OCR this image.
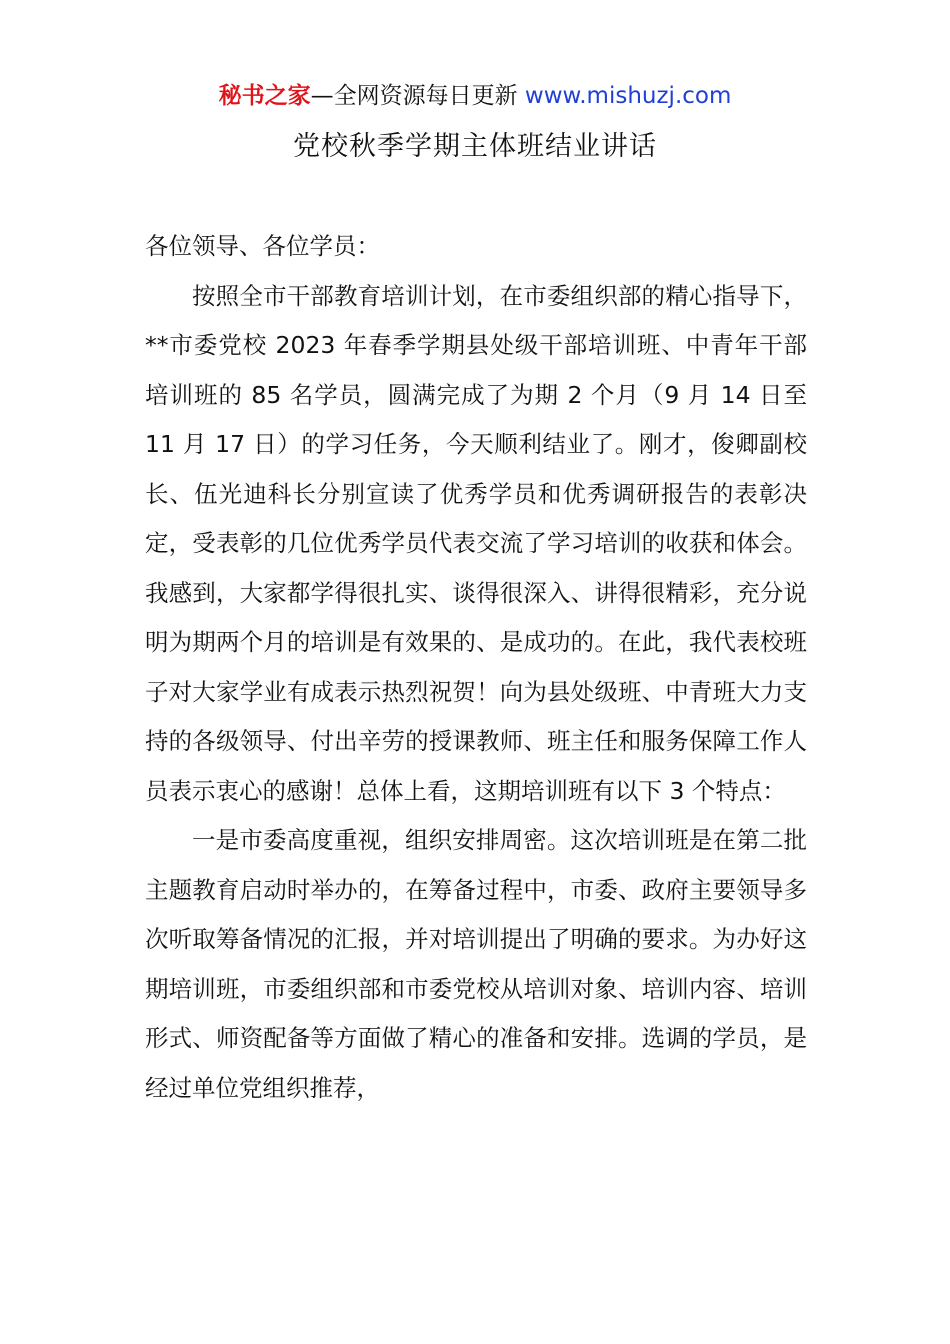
秘书之家—全网资源每日更新 www.mishuzj.com
党校秋季学期主体班结业讲话

各位领导、各位学员：

按照全市干部教育培训计划，在市委组织部的精心指导下，**市委党校 2023 年春季学期县处级干部培训班、中青年干部培训班的 85 名学员，圆满完成了为期 2 个月（9 月 14 日至 11 月 17 日）的学习任务，今天顺利结业了。刚才，俊卿副校长、伍光迪科长分别宣读了优秀学员和优秀调研报告的表彰决定，受表彰的几位优秀学员代表交流了学习培训的收获和体会。我感到，大家都学得很扎实、谈得很深入、讲得很精彩，充分说明为期两个月的培训是有效果的、是成功的。在此，我代表校班子对大家学业有成表示热烈祝贺！向为县处级班、中青班大力支持的各级领导、付出辛劳的授课教师、班主任和服务保障工作人员表示衷心的感谢！总体上看，这期培训班有以下 3 个特点：

一是市委高度重视，组织安排周密。这次培训班是在第二批主题教育启动时举办的，在筹备过程中，市委、政府主要领导多次听取筹备情况的汇报，并对培训提出了明确的要求。为办好这期培训班，市委组织部和市委党校从培训对象、培训内容、培训形式、师资配备等方面做了精心的准备和安排。选调的学员，是经过单位党组织推荐，
